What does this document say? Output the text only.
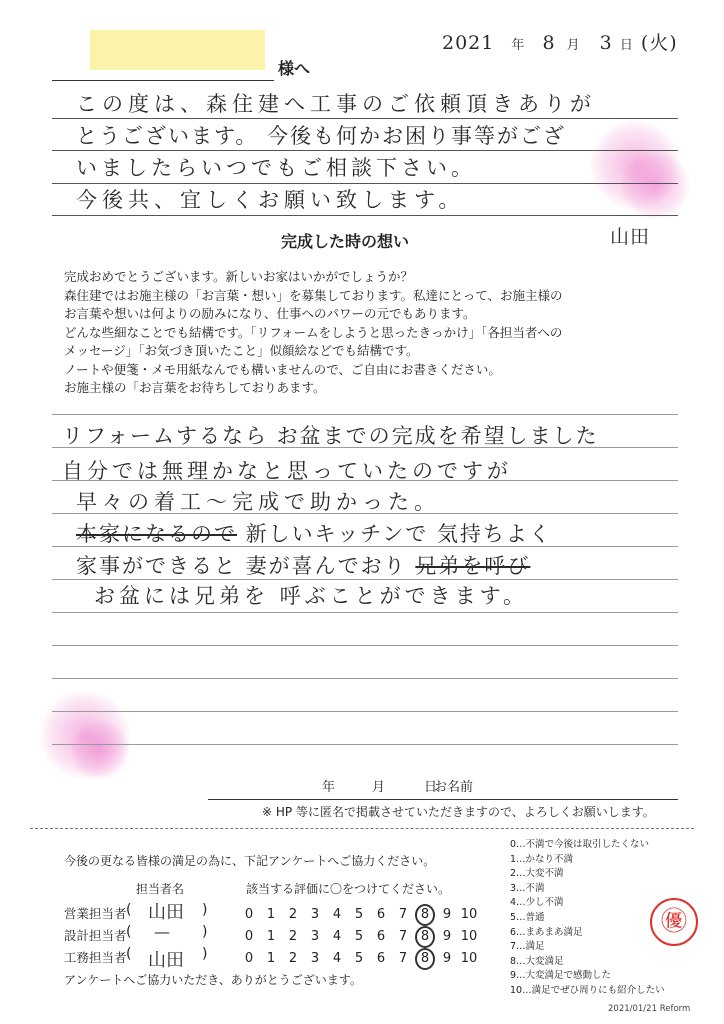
2021 年 8 月 3 日 (火)
様へ
この度は、森住建へ工事のご依頼頂きありが
とうございます。 今後も何かお困り事等がござ
いましたらいつでもご相談下さい。
今後共、宜しくお願い致します。
山田
完成した時の想い
完成おめでとうございます。新しいお家はいかがでしょうか？
森住建ではお施主様の「お言葉・想い」を募集しております。私達にとって、お施主様の
お言葉や想いは何よりの励みになり、仕事へのパワーの元でもあります。
どんな些細なことでも結構です。「リフォームをしようと思ったきっかけ」「各担当者への
メッセージ」「お気づき頂いたこと」似顔絵などでも結構です。
ノートや便箋・メモ用紙なんでも構いませんので、ご自由にお書きください。
お施主様の「お言葉をお待ちしておりあます。
リフォームするなら お盆までの完成を希望しました
自分では無理かなと思っていたのですが
早々の着工〜完成で助かった。
本家になるので 新しいキッチンで 気持ちよく
家事ができると 妻が喜んでおり 兄弟を呼び
お盆には兄弟を 呼ぶことができます。
年	月	日
お名前
※ HP 等に匿名で掲載させていただきますので、よろしくお願いします。
今後の更なる皆様の満足の為に、下記アンケートへご協力ください。
担当者名	該当する評価に〇をつけてください。
営業担当者 ( 山田 )	0 1 2 3 4 5 6 7 8 9 10
設計担当者 ( — )	0 1 2 3 4 5 6 7 8 9 10
工務担当者 ( 山田 )	0 1 2 3 4 5 6 7 8 9 10
アンケートへご協力いただき、ありがとうございます。
0…不満で今後は取引したくない
1…かなり不満
2…大変不満
3…不満
4…少し不満
5…普通
6…まあまあ満足
7…満足
8…大変満足
9…大変満足で感動した
10…満足でぜひ周りにも紹介したい
㊝
2021/01/21 Reform
